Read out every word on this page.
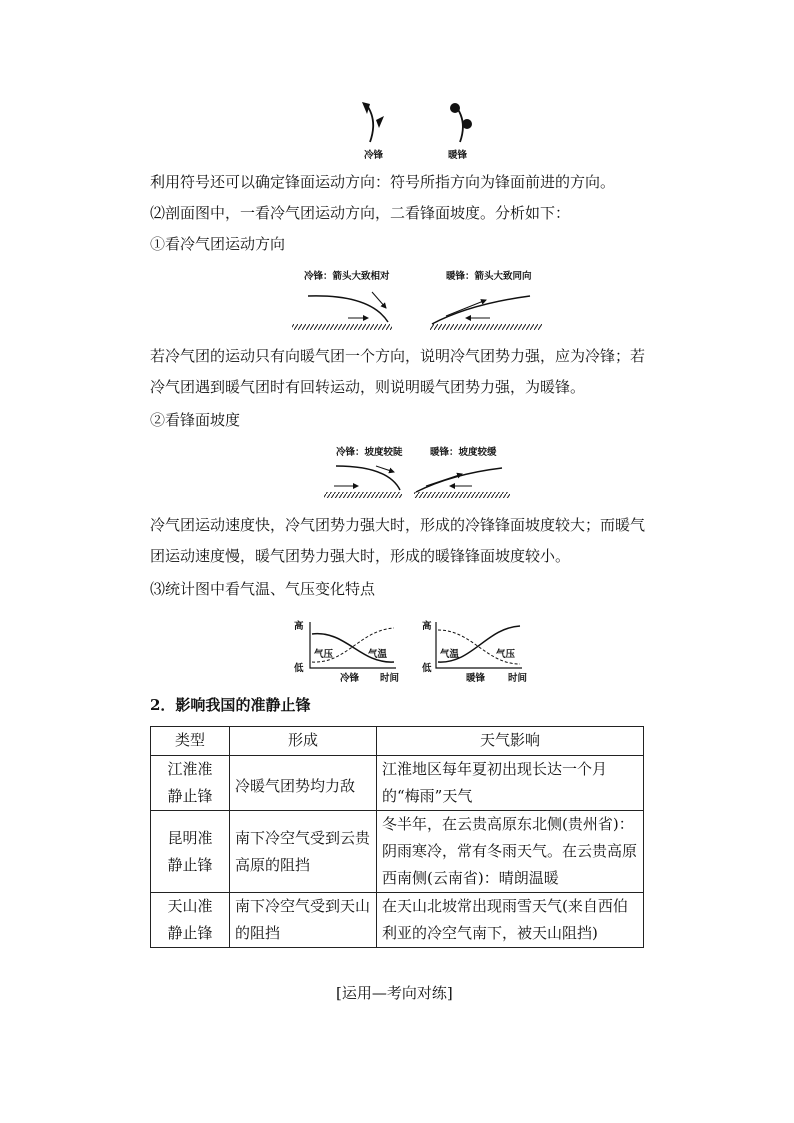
冷锋	暖锋
利用符号还可以确定锋面运动方向：符号所指方向为锋面前进的方向。
⑵剖面图中，一看冷气团运动方向，二看锋面坡度。分析如下：
①看冷气团运动方向
冷锋：箭头大致相对	暖锋：箭头大致同向
若冷气团的运动只有向暖气团一个方向，说明冷气团势力强，应为冷锋；若
冷气团遇到暖气团时有回转运动，则说明暖气团势力强，为暖锋。
②看锋面坡度
冷锋：坡度较陡	暖锋：坡度较缓
冷气团运动速度快，冷气团势力强大时，形成的冷锋锋面坡度较大；而暖气
团运动速度慢，暖气团势力强大时，形成的暖锋锋面坡度较小。
⑶统计图中看气温、气压变化特点
高
低
气压	气温
冷锋 时间
高
低
气温	气压
暖锋 时间
2．影响我国的准静止锋
类型	形成	天气影响
江淮准
静止锋	冷暖气团势均力敌	江淮地区每年夏初出现长达一个月的“梅雨”天气
昆明准
静止锋	南下冷空气受到云贵高原的阻挡	冬半年，在云贵高原东北侧(贵州省)：阴雨寒冷，常有冬雨天气。在云贵高原西南侧(云南省)：晴朗温暖
天山准
静止锋	南下冷空气受到天山的阻挡	在天山北坡常出现雨雪天气(来自西伯利亚的冷空气南下，被天山阻挡)
[运用—考向对练]
